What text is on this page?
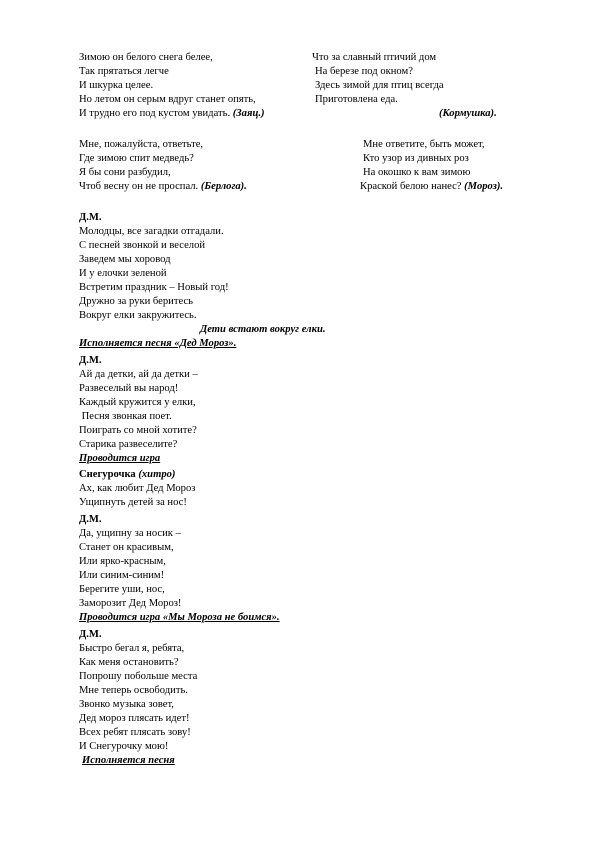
Зимою он белого снега белее,
Так прятаться легче
И шкурка целее.
Но летом он серым вдруг станет опять,
И трудно его под кустом увидать. (Заяц.)
Что за славный птичий дом
На березе под окном?
Здесь зимой для птиц всегда
Приготовлена еда.
(Кормушка).
Мне, пожалуйста, ответьте,
Где зимою спит медведь?
Я бы сони разбудил,
Чтоб весну он не проспал. (Берлога).
Мне ответите, быть может,
Кто узор из дивных роз
На окошко к вам зимою
Краской белою нанес? (Мороз).
Д.М.
Молодцы, все загадки отгадали.
С песней звонкой и веселой
Заведем мы хоровод
И у елочки зеленой
Встретим праздник – Новый год!
Дружно за руки беритесь
Вокруг елки закружитесь.
Дети встают вокруг елки.
Исполняется песня «Дед Мороз».
Д.М.
Ай да детки, ай да детки –
Развеселый вы народ!
Каждый кружится у елки,
Песня звонкая поет.
Поиграть со мной хотите?
Старика развеселите?
Проводится игра
Снегурочка (хитро)
Ах, как любит Дед Мороз
Ущипнуть детей за нос!
Д.М.
Да, ущипну за носик –
Станет он красивым,
Или ярко-красным,
Или синим-синим!
Берегите уши, нос,
Заморозит Дед Мороз!
Проводится игра «Мы Мороза не боимся».
Д.М.
Быстро бегал я, ребята,
Как меня остановить?
Попрошу побольше места
Мне теперь освободить.
Звонко музыка зовет,
Дед мороз плясать идет!
Всех ребят плясать зову!
И Снегурочку мою!
Исполняется песня
